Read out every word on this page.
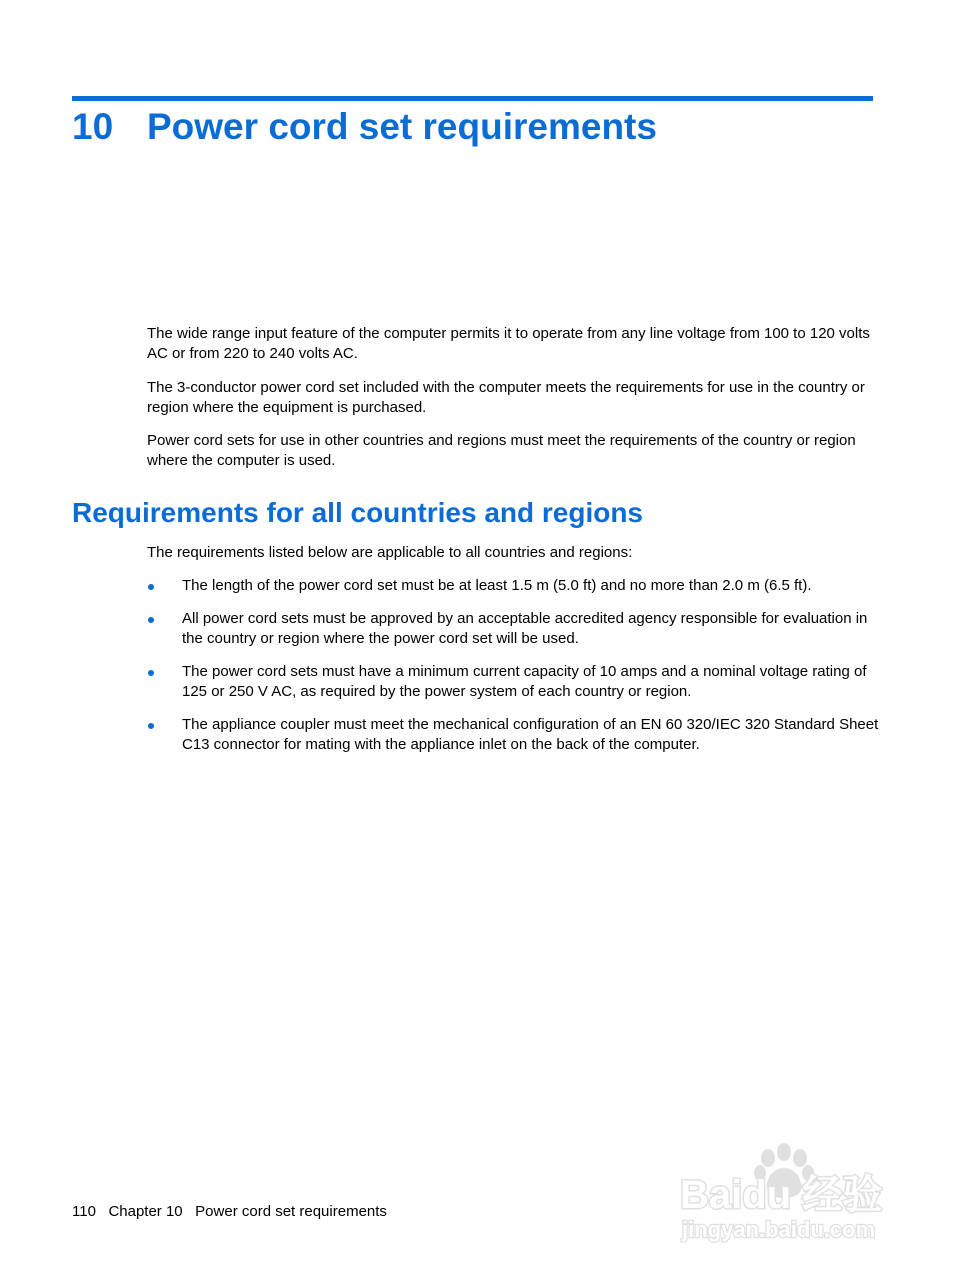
10 Power cord set requirements

The wide range input feature of the computer permits it to operate from any line voltage from 100 to 120 volts AC or from 220 to 240 volts AC.

The 3-conductor power cord set included with the computer meets the requirements for use in the country or region where the equipment is purchased.

Power cord sets for use in other countries and regions must meet the requirements of the country or region where the computer is used.

Requirements for all countries and regions

The requirements listed below are applicable to all countries and regions:

The length of the power cord set must be at least 1.5 m (5.0 ft) and no more than 2.0 m (6.5 ft).
All power cord sets must be approved by an acceptable accredited agency responsible for evaluation in the country or region where the power cord set will be used.
The power cord sets must have a minimum current capacity of 10 amps and a nominal voltage rating of 125 or 250 V AC, as required by the power system of each country or region.
The appliance coupler must meet the mechanical configuration of an EN 60 320/IEC 320 Standard Sheet C13 connector for mating with the appliance inlet on the back of the computer.
110 Chapter 10 Power cord set requirements	Baidu 经验
jingyan.baidu.com
